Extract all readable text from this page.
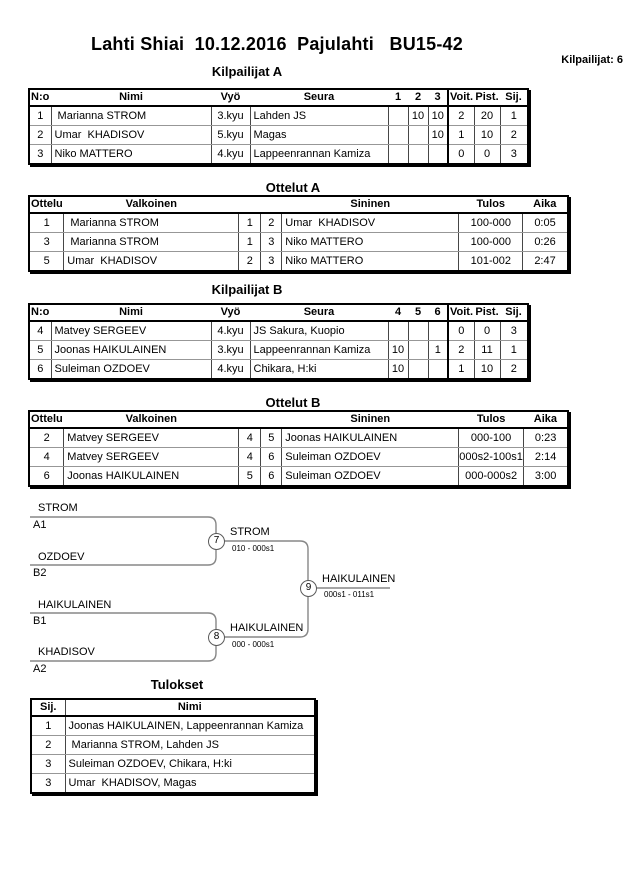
Lahti Shiai  10.12.2016  Pajulahti   BU15-42
Kilpailijat: 6
Kilpailijat A
N:o	Nimi	Vyö	Seura	1	2	3	Voit.	Pist.	Sij.
1	Marianna STROM	3.kyu	Lahden JS		10	10	2	20	1
2	Umar  KHADISOV	5.kyu	Magas			10	1	10	2
3	Niko MATTERO	4.kyu	Lappeenrannan Kamiza				0	0	3
Ottelut A
Ottelu	Valkoinen			Sininen	Tulos	Aika
1	Marianna STROM	1	2	Umar  KHADISOV	100-000	0:05
3	Marianna STROM	1	3	Niko MATTERO	100-000	0:26
5	Umar  KHADISOV	2	3	Niko MATTERO	101-002	2:47
Kilpailijat B
N:o	Nimi	Vyö	Seura	4	5	6	Voit.	Pist.	Sij.
4	Matvey SERGEEV	4.kyu	JS Sakura, Kuopio				0	0	3
5	Joonas HAIKULAINEN	3.kyu	Lappeenrannan Kamiza	10		1	2	11	1
6	Suleiman OZDOEV	4.kyu	Chikara, H:ki	10			1	10	2
Ottelut B
Ottelu	Valkoinen			Sininen	Tulos	Aika
2	Matvey SERGEEV	4	5	Joonas HAIKULAINEN	000-100	0:23
4	Matvey SERGEEV	4	6	Suleiman OZDOEV	000s2-100s1	2:14
6	Joonas HAIKULAINEN	5	6	Suleiman OZDOEV	000-000s2	3:00
STROM
A1
OZDOEV
B2
HAIKULAINEN
B1
KHADISOV
A2
7
STROM
010 - 000s1
8
HAIKULAINEN
000 - 000s1
9
HAIKULAINEN
000s1 - 011s1
Tulokset
Sij.	Nimi
1	Joonas HAIKULAINEN, Lappeenrannan Kamiza
2	Marianna STROM, Lahden JS
3	Suleiman OZDOEV, Chikara, H:ki
3	Umar  KHADISOV, Magas
